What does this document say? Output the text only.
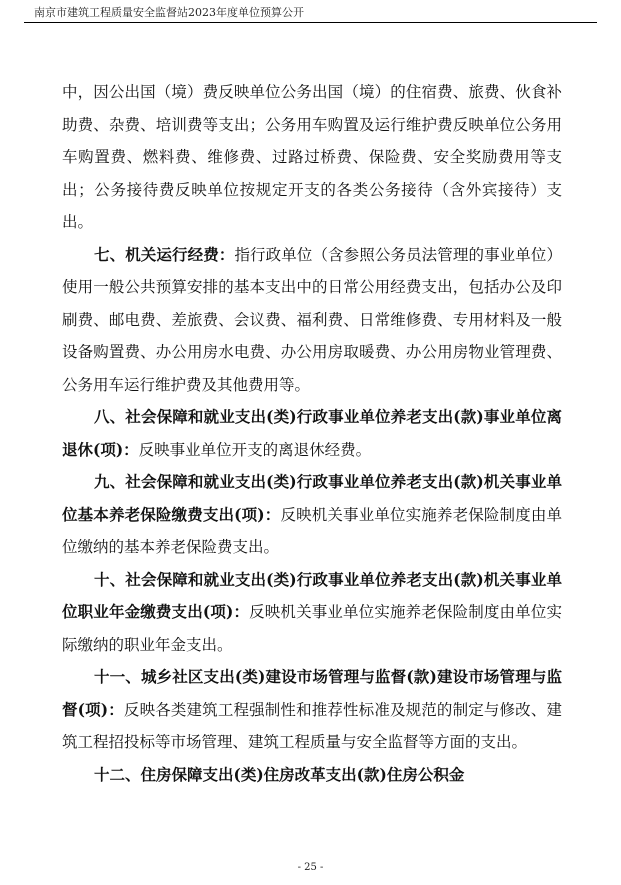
南京市建筑工程质量安全监督站2023年度单位预算公开

中，因公出国（境）费反映单位公务出国（境）的住宿费、旅费、伙食补助费、杂费、培训费等支出；公务用车购置及运行维护费反映单位公务用车购置费、燃料费、维修费、过路过桥费、保险费、安全奖励费用等支出；公务接待费反映单位按规定开支的各类公务接待（含外宾接待）支出。

七、机关运行经费：指行政单位（含参照公务员法管理的事业单位）使用一般公共预算安排的基本支出中的日常公用经费支出，包括办公及印刷费、邮电费、差旅费、会议费、福利费、日常维修费、专用材料及一般设备购置费、办公用房水电费、办公用房取暖费、办公用房物业管理费、公务用车运行维护费及其他费用等。

八、社会保障和就业支出(类)行政事业单位养老支出(款)事业单位离退休(项)：反映事业单位开支的离退休经费。

九、社会保障和就业支出(类)行政事业单位养老支出(款)机关事业单位基本养老保险缴费支出(项)：反映机关事业单位实施养老保险制度由单位缴纳的基本养老保险费支出。

十、社会保障和就业支出(类)行政事业单位养老支出(款)机关事业单位职业年金缴费支出(项)：反映机关事业单位实施养老保险制度由单位实际缴纳的职业年金支出。

十一、城乡社区支出(类)建设市场管理与监督(款)建设市场管理与监督(项)：反映各类建筑工程强制性和推荐性标准及规范的制定与修改、建筑工程招投标等市场管理、建筑工程质量与安全监督等方面的支出。

十二、住房保障支出(类)住房改革支出(款)住房公积金

- 25 -
